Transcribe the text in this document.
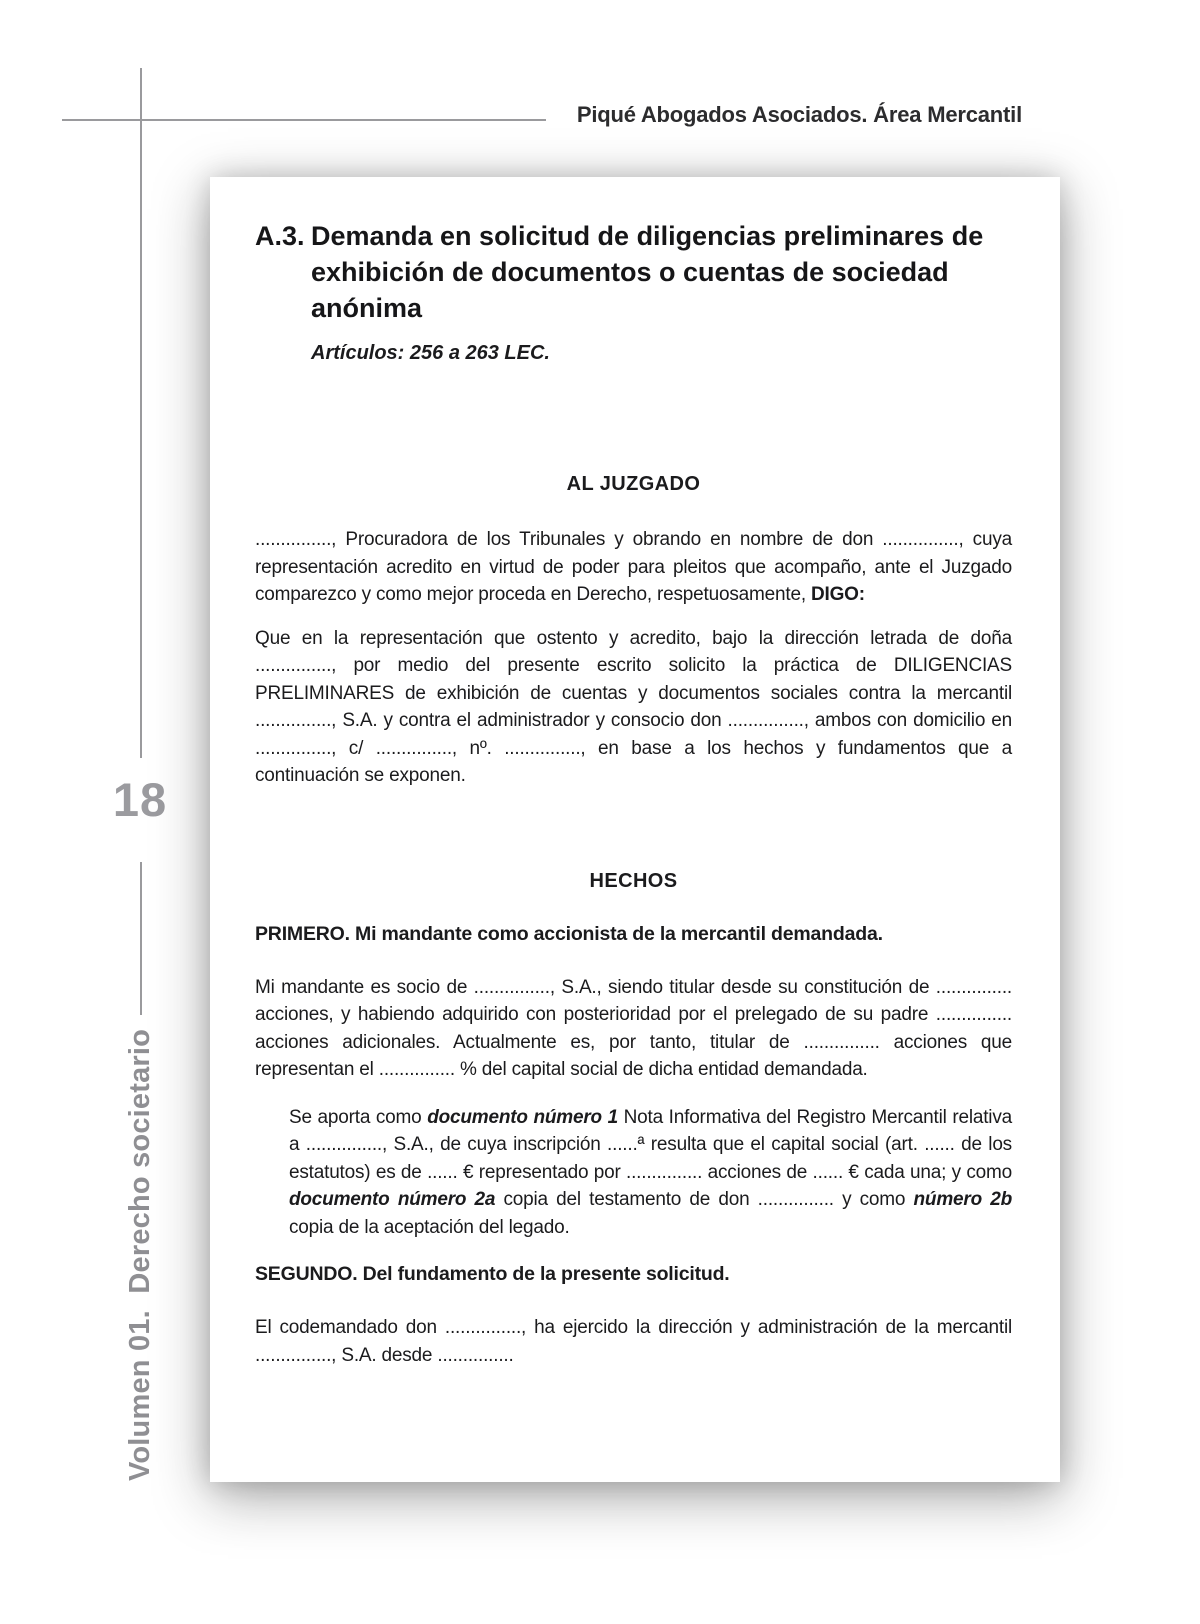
Piqué Abogados Asociados. Área Mercantil
18
Volumen 01.  Derecho societario
A.3. Demanda en solicitud de diligencias preliminares de exhibición de documentos o cuentas de sociedad anónima
Artículos: 256 a 263 LEC.
AL JUZGADO

..............., Procuradora de los Tribunales y obrando en nombre de don ..............., cuya representación acredito en virtud de poder para pleitos que acompaño, ante el Juzgado comparezco y como mejor proceda en Derecho, respetuosamente, DIGO:

Que en la representación que ostento y acredito, bajo la dirección letrada de doña ..............., por medio del presente escrito solicito la práctica de DILIGENCIAS PRELIMINARES de exhibición de cuentas y documentos sociales contra la mercantil ..............., S.A. y contra el administrador y consocio don ..............., ambos con domicilio en ..............., c/ ..............., nº. ..............., en base a los hechos y fundamentos que a continuación se exponen.

HECHOS
PRIMERO. Mi mandante como accionista de la mercantil demandada.

Mi mandante es socio de ..............., S.A., siendo titular desde su constitución de ............... acciones, y habiendo adquirido con posterioridad por el prelegado de su padre ............... acciones adicionales. Actualmente es, por tanto, titular de ............... acciones que representan el ............... % del capital social de dicha entidad demandada.

Se aporta como documento número 1 Nota Informativa del Registro Mercantil relativa a ..............., S.A., de cuya inscripción ......ª resulta que el capital social (art. ...... de los estatutos) es de ...... € representado por ............... acciones de ...... € cada una; y como documento número 2a copia del testamento de don ............... y como número 2b copia de la aceptación del legado.

SEGUNDO. Del fundamento de la presente solicitud.

El codemandado don ..............., ha ejercido la dirección y administración de la mercantil ..............., S.A. desde ...............
